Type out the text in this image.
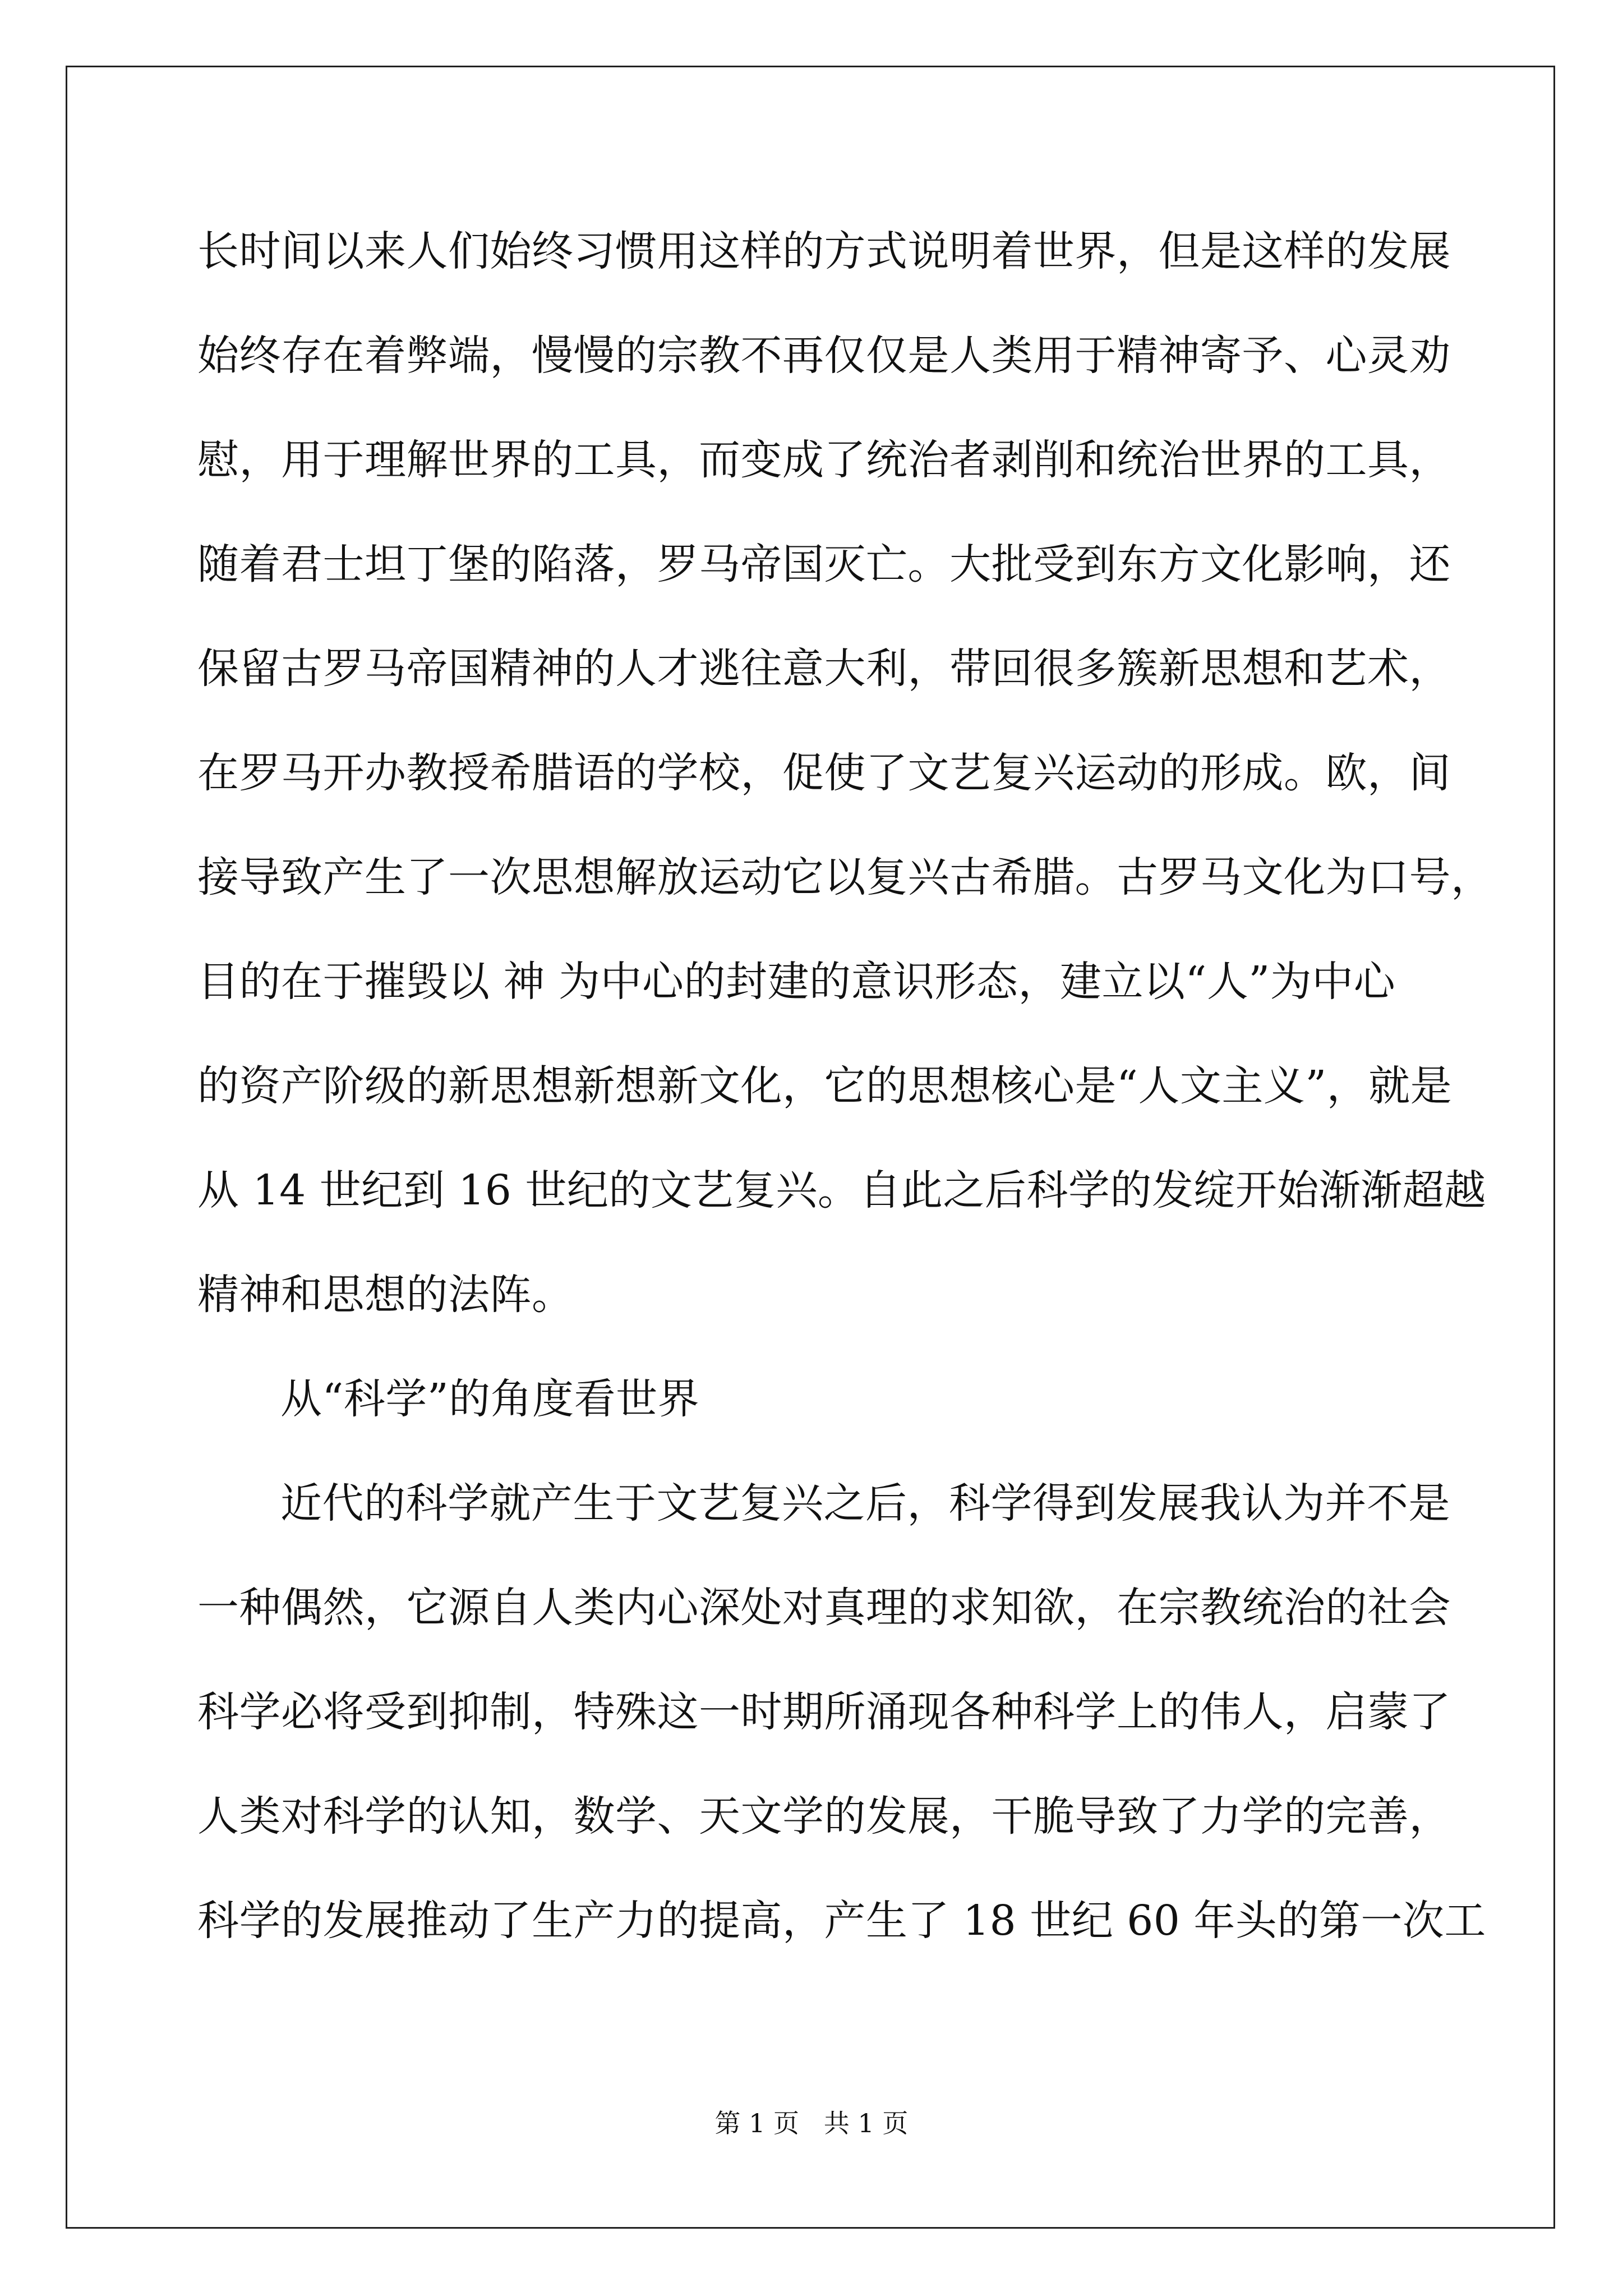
长时间以来人们始终习惯用这样的方式说明着世界，但是这样的发展
始终存在着弊端，慢慢的宗教不再仅仅是人类用于精神寄予、心灵劝
慰，用于理解世界的工具，而变成了统治者剥削和统治世界的工具，
随着君士坦丁堡的陷落，罗马帝国灭亡。大批受到东方文化影响，还
保留古罗马帝国精神的人才逃往意大利，带回很多簇新思想和艺术，
在罗马开办教授希腊语的学校，促使了文艺复兴运动的形成。欧，间
接导致产生了一次思想解放运动它以复兴古希腊。古罗马文化为口号，
目的在于摧毁以 神 为中心的封建的意识形态，建立以“人”为中心
的资产阶级的新思想新想新文化，它的思想核心是“人文主义”，就是
从 14 世纪到 16 世纪的文艺复兴。自此之后科学的发绽开始渐渐超越
精神和思想的法阵。
从“科学”的角度看世界
近代的科学就产生于文艺复兴之后，科学得到发展我认为并不是
一种偶然，它源自人类内心深处对真理的求知欲，在宗教统治的社会
科学必将受到抑制，特殊这一时期所涌现各种科学上的伟人，启蒙了
人类对科学的认知，数学、天文学的发展，干脆导致了力学的完善，
科学的发展推动了生产力的提高，产生了 18 世纪 60 年头的第一次工
第 1 页   共 1 页
